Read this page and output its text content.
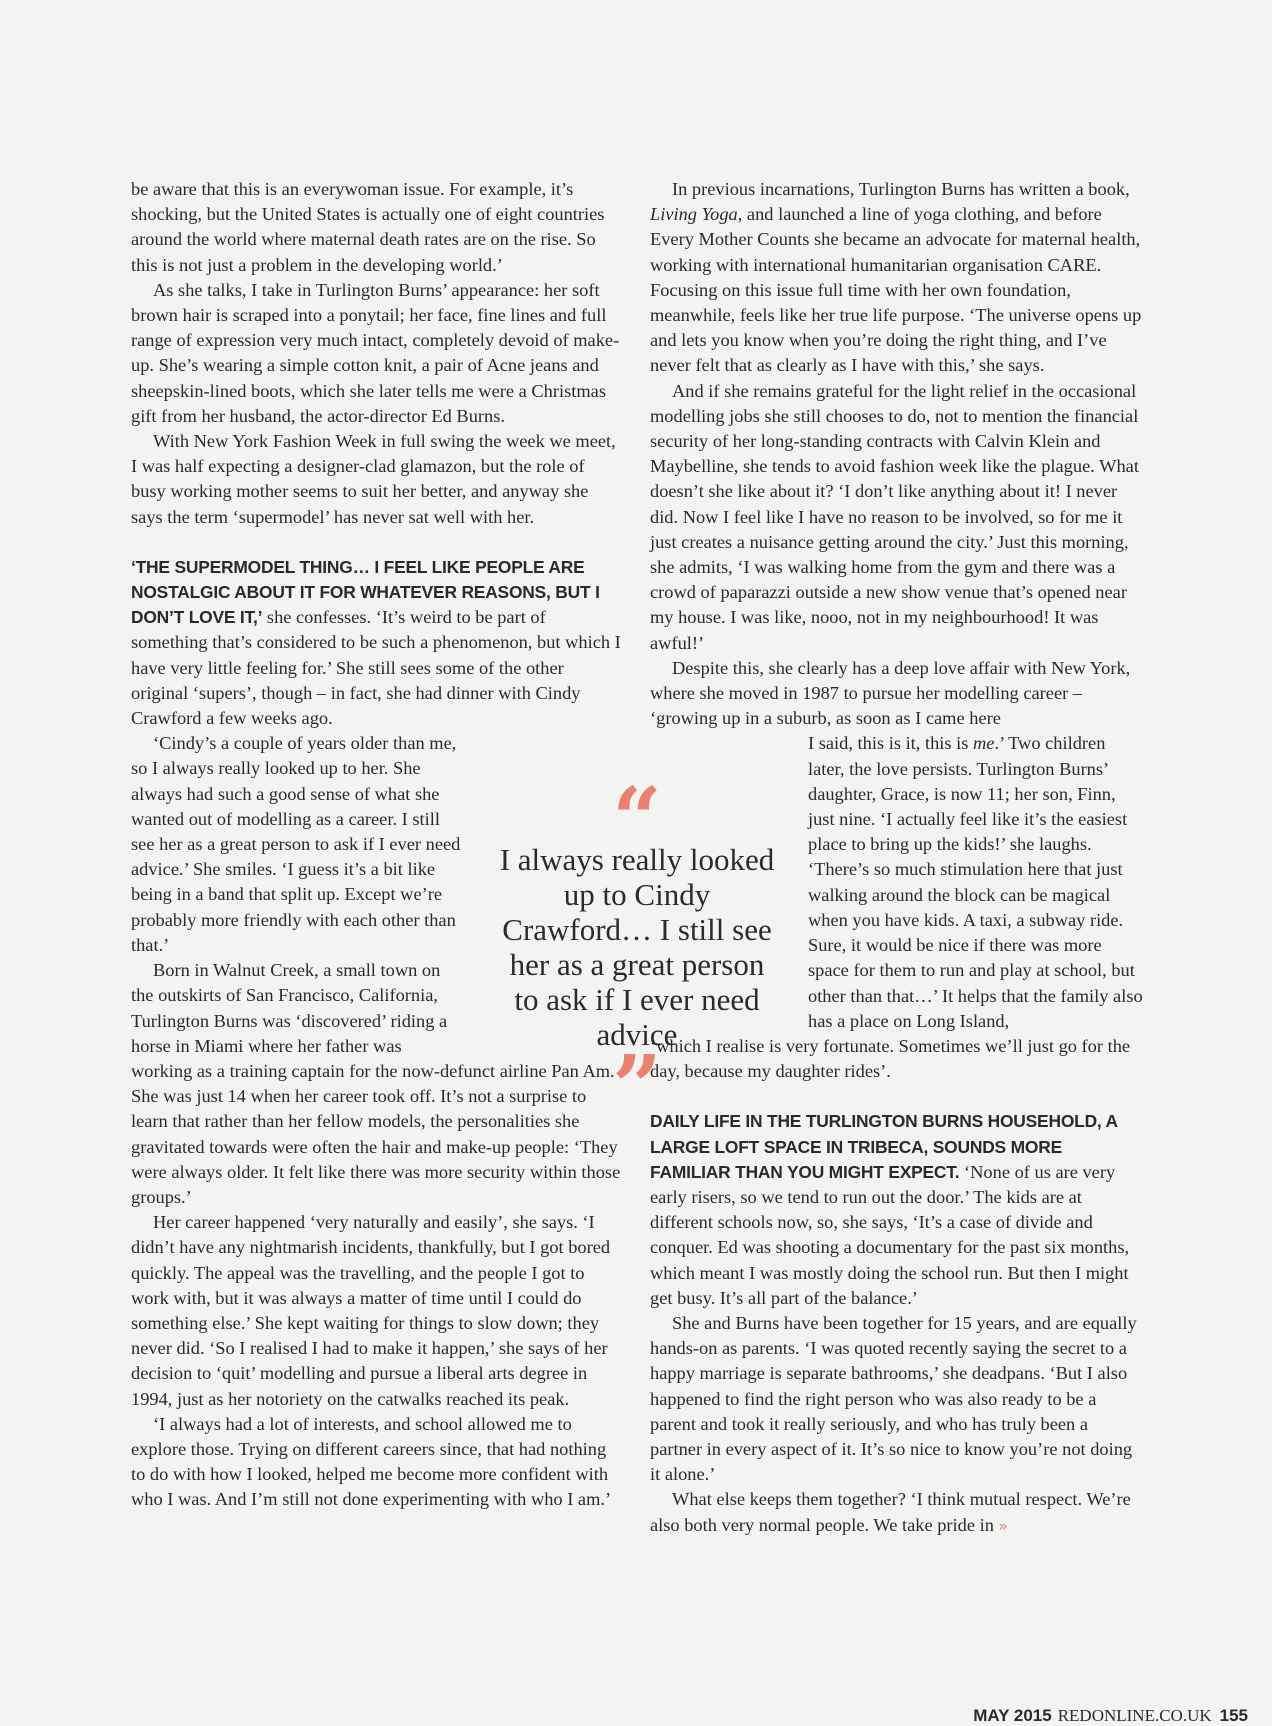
be aware that this is an everywoman issue. For example, it’s shocking, but the United States is actually one of eight countries around the world where maternal death rates are on the rise. So this is not just a problem in the developing world.’

As she talks, I take in Turlington Burns’ appearance: her soft brown hair is scraped into a ponytail; her face, fine lines and full range of expression very much intact, completely devoid of make-up. She’s wearing a simple cotton knit, a pair of Acne jeans and sheepskin-lined boots, which she later tells me were a Christmas gift from her husband, the actor-director Ed Burns.

With New York Fashion Week in full swing the week we meet, I was half expecting a designer-clad glamazon, but the role of busy working mother seems to suit her better, and anyway she says the term ‘supermodel’ has never sat well with her.

‘THE SUPERMODEL THING… I FEEL LIKE PEOPLE ARE NOSTALGIC ABOUT IT FOR WHATEVER REASONS, BUT I DON’T LOVE IT,’ she confesses. ‘It’s weird to be part of something that’s considered to be such a phenomenon, but which I have very little feeling for.’ She still sees some of the other original ‘supers’, though – in fact, she had dinner with Cindy Crawford a few weeks ago.

‘Cindy’s a couple of years older than me, so I always really looked up to her. She always had such a good sense of what she wanted out of modelling as a career. I still see her as a great person to ask if I ever need advice.’ She smiles. ‘I guess it’s a bit like being in a band that split up. Except we’re probably more friendly with each other than that.’

Born in Walnut Creek, a small town on the outskirts of San Francisco, California, Turlington Burns was ‘discovered’ riding a horse in Miami where her father was

working as a training captain for the now-defunct airline Pan Am. She was just 14 when her career took off. It’s not a surprise to learn that rather than her fellow models, the personalities she gravitated towards were often the hair and make-up people: ‘They were always older. It felt like there was more security within those groups.’

Her career happened ‘very naturally and easily’, she says. ‘I didn’t have any nightmarish incidents, thankfully, but I got bored quickly. The appeal was the travelling, and the people I got to work with, but it was always a matter of time until I could do something else.’ She kept waiting for things to slow down; they never did. ‘So I realised I had to make it happen,’ she says of her decision to ‘quit’ modelling and pursue a liberal arts degree in 1994, just as her notoriety on the catwalks reached its peak.

‘I always had a lot of interests, and school allowed me to explore those. Trying on different careers since, that had nothing to do with how I looked, helped me become more confident with who I was. And I’m still not done experimenting with who I am.’

“
I always really looked up to Cindy Crawford… I still see her as a great person to ask if I ever need advice
”

In previous incarnations, Turlington Burns has written a book, Living Yoga, and launched a line of yoga clothing, and before Every Mother Counts she became an advocate for maternal health, working with international humanitarian organisation CARE. Focusing on this issue full time with her own foundation, meanwhile, feels like her true life purpose. ‘The universe opens up and lets you know when you’re doing the right thing, and I’ve never felt that as clearly as I have with this,’ she says.

And if she remains grateful for the light relief in the occasional modelling jobs she still chooses to do, not to mention the financial security of her long-standing contracts with Calvin Klein and Maybelline, she tends to avoid fashion week like the plague. What doesn’t she like about it? ‘I don’t like anything about it! I never did. Now I feel like I have no reason to be involved, so for me it just creates a nuisance getting around the city.’ Just this morning, she admits, ‘I was walking home from the gym and there was a crowd of paparazzi outside a new show venue that’s opened near my house. I was like, nooo, not in my neighbourhood! It was awful!’

Despite this, she clearly has a deep love affair with New York, where she moved in 1987 to pursue her modelling career – ‘growing up in a suburb, as soon as I came here

I said, this is it, this is me.’ Two children later, the love persists. Turlington Burns’ daughter, Grace, is now 11; her son, Finn, just nine. ‘I actually feel like it’s the easiest place to bring up the kids!’ she laughs. ‘There’s so much stimulation here that just walking around the block can be magical when you have kids. A taxi, a subway ride. Sure, it would be nice if there was more space for them to run and play at school, but other than that…’ It helps that the family also has a place on Long Island,

‘which I realise is very fortunate. Sometimes we’ll just go for the day, because my daughter rides’.

DAILY LIFE IN THE TURLINGTON BURNS HOUSEHOLD, A LARGE LOFT SPACE IN TRIBECA, SOUNDS MORE FAMILIAR THAN YOU MIGHT EXPECT. ‘None of us are very early risers, so we tend to run out the door.’ The kids are at different schools now, so, she says, ‘It’s a case of divide and conquer. Ed was shooting a documentary for the past six months, which meant I was mostly doing the school run. But then I might get busy. It’s all part of the balance.’

She and Burns have been together for 15 years, and are equally hands-on as parents. ‘I was quoted recently saying the secret to a happy marriage is separate bathrooms,’ she deadpans. ‘But I also happened to find the right person who was also ready to be a parent and took it really seriously, and who has truly been a partner in every aspect of it. It’s so nice to know you’re not doing it alone.’

What else keeps them together? ‘I think mutual respect. We’re also both very normal people. We take pride in »

MAY 2015 REDONLINE.CO.UK 155
